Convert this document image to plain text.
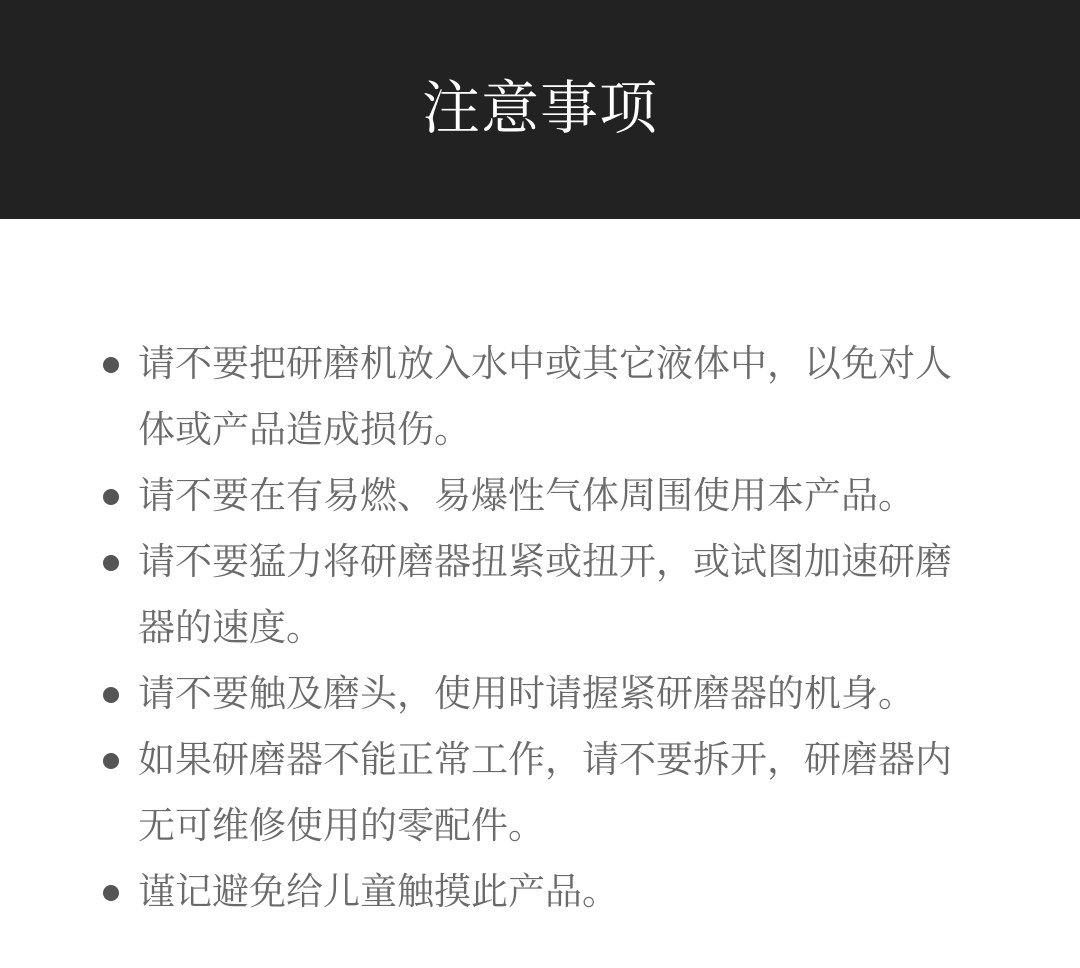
注意事项
请不要把研磨机放入水中或其它液体中，以免对人体或产品造成损伤。
请不要在有易燃、易爆性气体周围使用本产品。
请不要猛力将研磨器扭紧或扭开，或试图加速研磨器的速度。
请不要触及磨头，使用时请握紧研磨器的机身。
如果研磨器不能正常工作，请不要拆开，研磨器内无可维修使用的零配件。
谨记避免给儿童触摸此产品。
